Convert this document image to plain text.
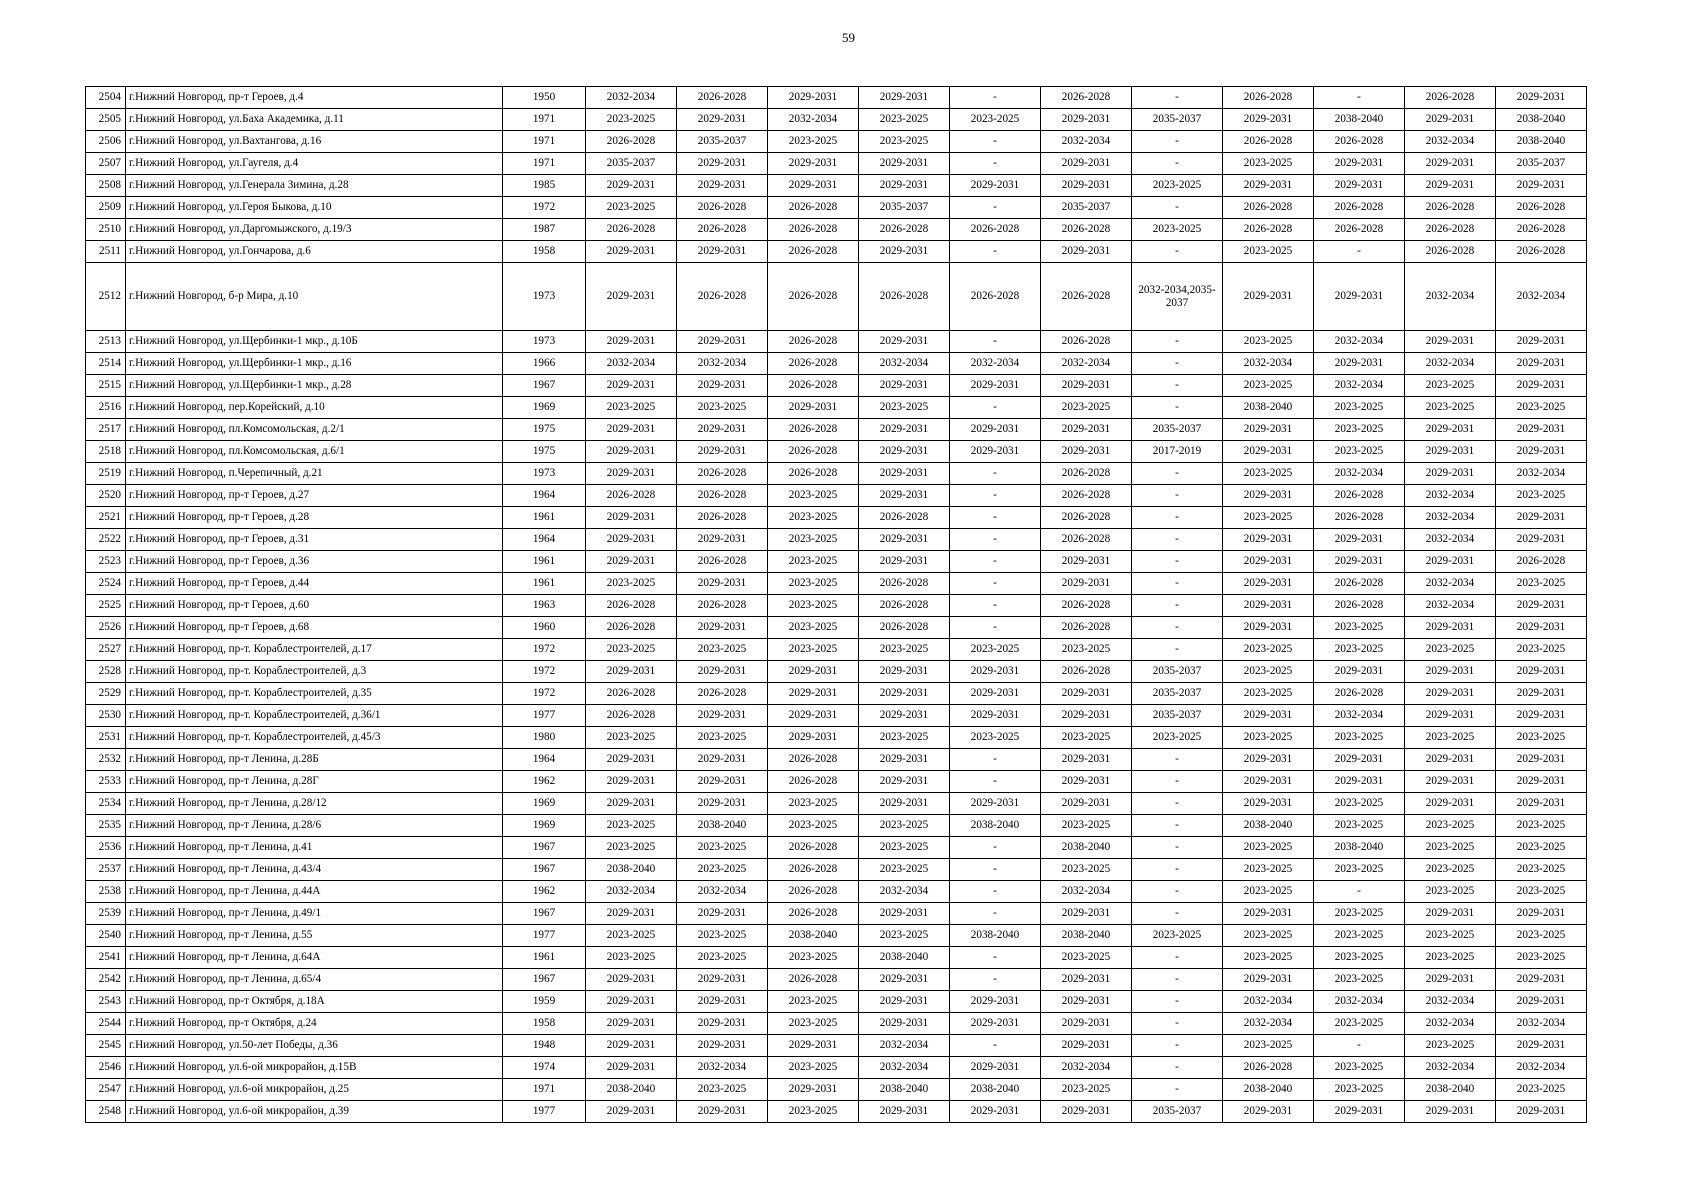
59
2504	г.Нижний Новгород, пр-т Героев, д.4	1950	2032-2034	2026-2028	2029-2031	2029-2031	-	2026-2028	-	2026-2028	-	2026-2028	2029-2031
2505	г.Нижний Новгород, ул.Баха Академика, д.11	1971	2023-2025	2029-2031	2032-2034	2023-2025	2023-2025	2029-2031	2035-2037	2029-2031	2038-2040	2029-2031	2038-2040
2506	г.Нижний Новгород, ул.Вахтангова, д.16	1971	2026-2028	2035-2037	2023-2025	2023-2025	-	2032-2034	-	2026-2028	2026-2028	2032-2034	2038-2040
2507	г.Нижний Новгород, ул.Гаугеля, д.4	1971	2035-2037	2029-2031	2029-2031	2029-2031	-	2029-2031	-	2023-2025	2029-2031	2029-2031	2035-2037
2508	г.Нижний Новгород, ул.Генерала Зимина, д.28	1985	2029-2031	2029-2031	2029-2031	2029-2031	2029-2031	2029-2031	2023-2025	2029-2031	2029-2031	2029-2031	2029-2031
2509	г.Нижний Новгород, ул.Героя Быкова, д.10	1972	2023-2025	2026-2028	2026-2028	2035-2037	-	2035-2037	-	2026-2028	2026-2028	2026-2028	2026-2028
2510	г.Нижний Новгород, ул.Даргомыжского, д.19/3	1987	2026-2028	2026-2028	2026-2028	2026-2028	2026-2028	2026-2028	2023-2025	2026-2028	2026-2028	2026-2028	2026-2028
2511	г.Нижний Новгород, ул.Гончарова, д.6	1958	2029-2031	2029-2031	2026-2028	2029-2031	-	2029-2031	-	2023-2025	-	2026-2028	2026-2028
2512	г.Нижний Новгород, б-р Мира, д.10	1973	2029-2031	2026-2028	2026-2028	2026-2028	2026-2028	2026-2028	2032-2034,2035-2037	2029-2031	2029-2031	2032-2034	2032-2034
2513	г.Нижний Новгород, ул.Щербинки-1 мкр., д.10Б	1973	2029-2031	2029-2031	2026-2028	2029-2031	-	2026-2028	-	2023-2025	2032-2034	2029-2031	2029-2031
2514	г.Нижний Новгород, ул.Щербинки-1 мкр., д.16	1966	2032-2034	2032-2034	2026-2028	2032-2034	2032-2034	2032-2034	-	2032-2034	2029-2031	2032-2034	2029-2031
2515	г.Нижний Новгород, ул.Щербинки-1 мкр., д.28	1967	2029-2031	2029-2031	2026-2028	2029-2031	2029-2031	2029-2031	-	2023-2025	2032-2034	2023-2025	2029-2031
2516	г.Нижний Новгород, пер.Корейский, д.10	1969	2023-2025	2023-2025	2029-2031	2023-2025	-	2023-2025	-	2038-2040	2023-2025	2023-2025	2023-2025
2517	г.Нижний Новгород, пл.Комсомольская, д.2/1	1975	2029-2031	2029-2031	2026-2028	2029-2031	2029-2031	2029-2031	2035-2037	2029-2031	2023-2025	2029-2031	2029-2031
2518	г.Нижний Новгород, пл.Комсомольская, д.6/1	1975	2029-2031	2029-2031	2026-2028	2029-2031	2029-2031	2029-2031	2017-2019	2029-2031	2023-2025	2029-2031	2029-2031
2519	г.Нижний Новгород, п.Черепичный, д.21	1973	2029-2031	2026-2028	2026-2028	2029-2031	-	2026-2028	-	2023-2025	2032-2034	2029-2031	2032-2034
2520	г.Нижний Новгород, пр-т Героев, д.27	1964	2026-2028	2026-2028	2023-2025	2029-2031	-	2026-2028	-	2029-2031	2026-2028	2032-2034	2023-2025
2521	г.Нижний Новгород, пр-т Героев, д.28	1961	2029-2031	2026-2028	2023-2025	2026-2028	-	2026-2028	-	2023-2025	2026-2028	2032-2034	2029-2031
2522	г.Нижний Новгород, пр-т Героев, д.31	1964	2029-2031	2029-2031	2023-2025	2029-2031	-	2026-2028	-	2029-2031	2029-2031	2032-2034	2029-2031
2523	г.Нижний Новгород, пр-т Героев, д.36	1961	2029-2031	2026-2028	2023-2025	2029-2031	-	2029-2031	-	2029-2031	2029-2031	2029-2031	2026-2028
2524	г.Нижний Новгород, пр-т Героев, д.44	1961	2023-2025	2029-2031	2023-2025	2026-2028	-	2029-2031	-	2029-2031	2026-2028	2032-2034	2023-2025
2525	г.Нижний Новгород, пр-т Героев, д.60	1963	2026-2028	2026-2028	2023-2025	2026-2028	-	2026-2028	-	2029-2031	2026-2028	2032-2034	2029-2031
2526	г.Нижний Новгород, пр-т Героев, д.68	1960	2026-2028	2029-2031	2023-2025	2026-2028	-	2026-2028	-	2029-2031	2023-2025	2029-2031	2029-2031
2527	г.Нижний Новгород, пр-т. Кораблестроителей, д.17	1972	2023-2025	2023-2025	2023-2025	2023-2025	2023-2025	2023-2025	-	2023-2025	2023-2025	2023-2025	2023-2025
2528	г.Нижний Новгород, пр-т. Кораблестроителей, д.3	1972	2029-2031	2029-2031	2029-2031	2029-2031	2029-2031	2026-2028	2035-2037	2023-2025	2029-2031	2029-2031	2029-2031
2529	г.Нижний Новгород, пр-т. Кораблестроителей, д.35	1972	2026-2028	2026-2028	2029-2031	2029-2031	2029-2031	2029-2031	2035-2037	2023-2025	2026-2028	2029-2031	2029-2031
2530	г.Нижний Новгород, пр-т. Кораблестроителей, д.36/1	1977	2026-2028	2029-2031	2029-2031	2029-2031	2029-2031	2029-2031	2035-2037	2029-2031	2032-2034	2029-2031	2029-2031
2531	г.Нижний Новгород, пр-т. Кораблестроителей, д.45/3	1980	2023-2025	2023-2025	2029-2031	2023-2025	2023-2025	2023-2025	2023-2025	2023-2025	2023-2025	2023-2025	2023-2025
2532	г.Нижний Новгород, пр-т Ленина, д.28Б	1964	2029-2031	2029-2031	2026-2028	2029-2031	-	2029-2031	-	2029-2031	2029-2031	2029-2031	2029-2031
2533	г.Нижний Новгород, пр-т Ленина, д.28Г	1962	2029-2031	2029-2031	2026-2028	2029-2031	-	2029-2031	-	2029-2031	2029-2031	2029-2031	2029-2031
2534	г.Нижний Новгород, пр-т Ленина, д.28/12	1969	2029-2031	2029-2031	2023-2025	2029-2031	2029-2031	2029-2031	-	2029-2031	2023-2025	2029-2031	2029-2031
2535	г.Нижний Новгород, пр-т Ленина, д.28/6	1969	2023-2025	2038-2040	2023-2025	2023-2025	2038-2040	2023-2025	-	2038-2040	2023-2025	2023-2025	2023-2025
2536	г.Нижний Новгород, пр-т Ленина, д.41	1967	2023-2025	2023-2025	2026-2028	2023-2025	-	2038-2040	-	2023-2025	2038-2040	2023-2025	2023-2025
2537	г.Нижний Новгород, пр-т Ленина, д.43/4	1967	2038-2040	2023-2025	2026-2028	2023-2025	-	2023-2025	-	2023-2025	2023-2025	2023-2025	2023-2025
2538	г.Нижний Новгород, пр-т Ленина, д.44А	1962	2032-2034	2032-2034	2026-2028	2032-2034	-	2032-2034	-	2023-2025	-	2023-2025	2023-2025
2539	г.Нижний Новгород, пр-т Ленина, д.49/1	1967	2029-2031	2029-2031	2026-2028	2029-2031	-	2029-2031	-	2029-2031	2023-2025	2029-2031	2029-2031
2540	г.Нижний Новгород, пр-т Ленина, д.55	1977	2023-2025	2023-2025	2038-2040	2023-2025	2038-2040	2038-2040	2023-2025	2023-2025	2023-2025	2023-2025	2023-2025
2541	г.Нижний Новгород, пр-т Ленина, д.64А	1961	2023-2025	2023-2025	2023-2025	2038-2040	-	2023-2025	-	2023-2025	2023-2025	2023-2025	2023-2025
2542	г.Нижний Новгород, пр-т Ленина, д.65/4	1967	2029-2031	2029-2031	2026-2028	2029-2031	-	2029-2031	-	2029-2031	2023-2025	2029-2031	2029-2031
2543	г.Нижний Новгород, пр-т Октября, д.18А	1959	2029-2031	2029-2031	2023-2025	2029-2031	2029-2031	2029-2031	-	2032-2034	2032-2034	2032-2034	2029-2031
2544	г.Нижний Новгород, пр-т Октября, д.24	1958	2029-2031	2029-2031	2023-2025	2029-2031	2029-2031	2029-2031	-	2032-2034	2023-2025	2032-2034	2032-2034
2545	г.Нижний Новгород, ул.50-лет Победы, д.36	1948	2029-2031	2029-2031	2029-2031	2032-2034	-	2029-2031	-	2023-2025	-	2023-2025	2029-2031
2546	г.Нижний Новгород, ул.6-ой микрорайон, д.15В	1974	2029-2031	2032-2034	2023-2025	2032-2034	2029-2031	2032-2034	-	2026-2028	2023-2025	2032-2034	2032-2034
2547	г.Нижний Новгород, ул.6-ой микрорайон, д.25	1971	2038-2040	2023-2025	2029-2031	2038-2040	2038-2040	2023-2025	-	2038-2040	2023-2025	2038-2040	2023-2025
2548	г.Нижний Новгород, ул.6-ой микрорайон, д.39	1977	2029-2031	2029-2031	2023-2025	2029-2031	2029-2031	2029-2031	2035-2037	2029-2031	2029-2031	2029-2031	2029-2031
